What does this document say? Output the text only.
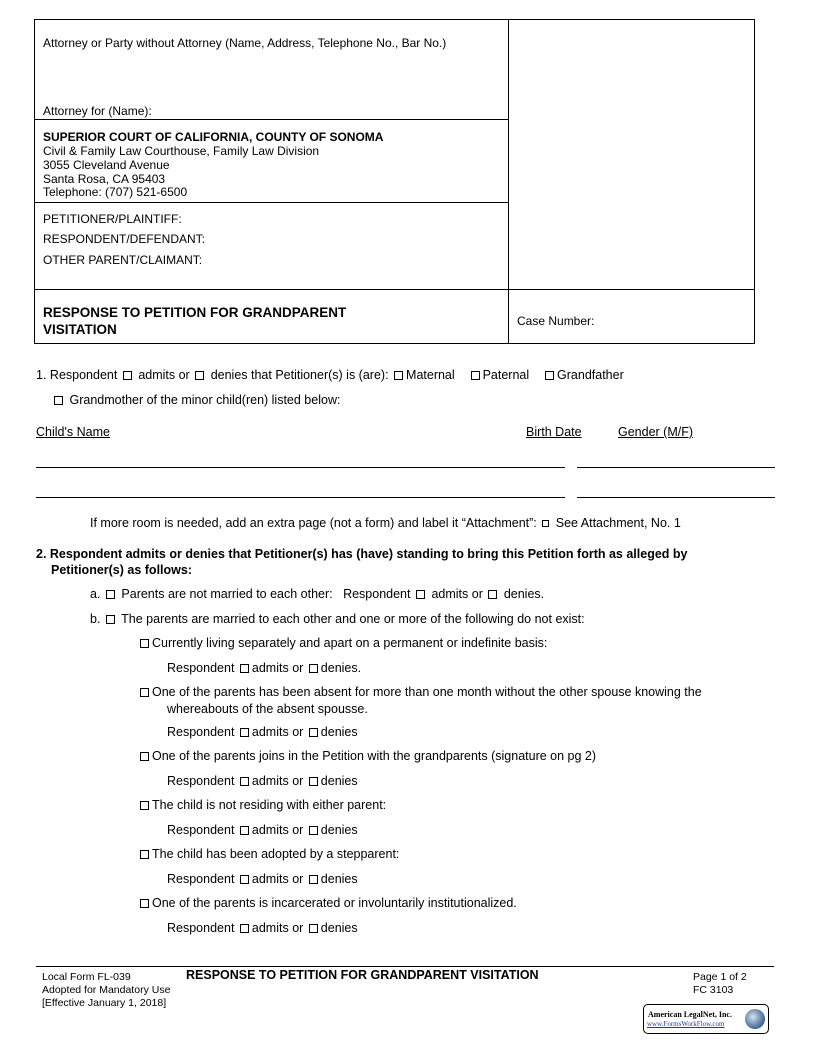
Attorney or Party without Attorney (Name, Address, Telephone No., Bar No.)
Attorney for (Name):
SUPERIOR COURT OF CALIFORNIA, COUNTY OF SONOMA
Civil & Family Law Courthouse, Family Law Division
3055 Cleveland Avenue
Santa Rosa, CA 95403
Telephone: (707) 521-6500
PETITIONER/PLAINTIFF:
RESPONDENT/DEFENDANT:
OTHER PARENT/CLAIMANT:
RESPONSE TO PETITION FOR GRANDPARENT
VISITATION
Case Number:
1. Respondent admits or denies that Petitioner(s) is (are): Maternal Paternal Grandfather
Grandmother of the minor child(ren) listed below:
Child's Name	Birth Date	Gender (M/F)
If more room is needed, add an extra page (not a form) and label it “Attachment”: See Attachment, No. 1
2. Respondent admits or denies that Petitioner(s) has (have) standing to bring this Petition forth as alleged by
Petitioner(s) as follows:
a. Parents are not married to each other: Respondent admits or denies.
b. The parents are married to each other and one or more of the following do not exist:
Currently living separately and apart on a permanent or indefinite basis:
Respondent admits or denies.
One of the parents has been absent for more than one month without the other spouse knowing the
whereabouts of the absent spousse.
Respondent admits or denies
One of the parents joins in the Petition with the grandparents (signature on pg 2)
Respondent admits or denies
The child is not residing with either parent:
Respondent admits or denies
The child has been adopted by a stepparent:
Respondent admits or denies
One of the parents is incarcerated or involuntarily institutionalized.
Respondent admits or denies
Local Form FL-039
Adopted for Mandatory Use
[Effective January 1, 2018]
RESPONSE TO PETITION FOR GRANDPARENT VISITATION	Page 1 of 2
FC 3103
American LegalNet, Inc.
www.FormsWorkFlow.com
